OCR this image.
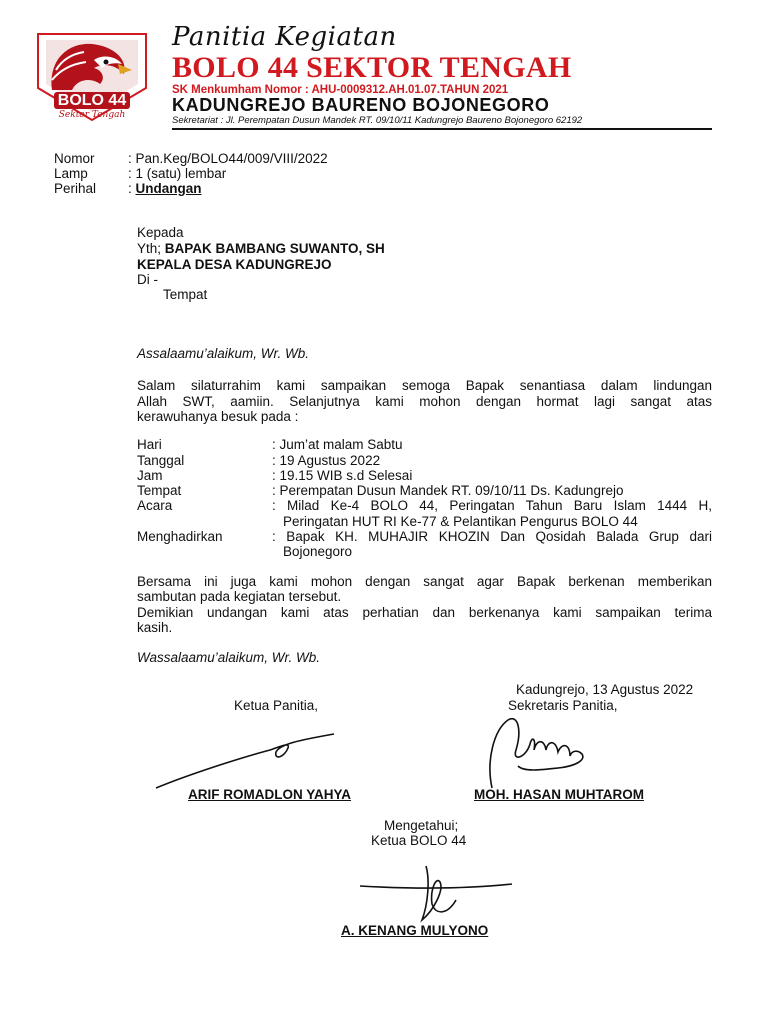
BOLO 44
Sektor Tengah
Panitia Kegiatan
BOLO 44 SEKTOR TENGAH
SK Menkumham Nomor : AHU-0009312.AH.01.07.TAHUN 2021
KADUNGREJO BAURENO BOJONEGORO
Sekretariat : Jl. Perempatan Dusun Mandek RT. 09/10/11 Kadungrejo Baureno Bojonegoro 62192
Nomor	: Pan.Keg/BOLO44/009/VIII/2022
Lamp	: 1 (satu) lembar
Perihal	: Undangan
Kepada
Yth; BAPAK BAMBANG SUWANTO, SH
KEPALA DESA KADUNGREJO
Di -
Tempat
Assalaamu’alaikum, Wr. Wb.
Salam silaturrahim kami sampaikan semoga Bapak senantiasa dalam lindungan
Allah SWT, aamiin. Selanjutnya kami mohon dengan hormat lagi sangat atas
kerawuhanya besuk pada :
Hari	: Jum’at malam Sabtu
Tanggal	: 19 Agustus 2022
Jam	: 19.15 WIB s.d Selesai
Tempat	: Perempatan Dusun Mandek RT. 09/10/11 Ds. Kadungrejo
Acara	: Milad Ke-4 BOLO 44, Peringatan Tahun Baru Islam 1444 H,
Peringatan HUT RI Ke-77 & Pelantikan Pengurus BOLO 44
Menghadirkan	: Bapak KH. MUHAJIR KHOZIN Dan Qosidah Balada Grup dari
Bojonegoro
Bersama ini juga kami mohon dengan sangat agar Bapak berkenan memberikan
sambutan pada kegiatan tersebut.
Demikian undangan kami atas perhatian dan berkenanya kami sampaikan terima
kasih.
Wassalaamu’alaikum, Wr. Wb.
Kadungrejo, 13 Agustus 2022
Ketua Panitia,	Sekretaris Panitia,
ARIF ROMADLON YAHYA	MOH. HASAN MUHTAROM
Mengetahui;
Ketua BOLO 44
A. KENANG MULYONO
